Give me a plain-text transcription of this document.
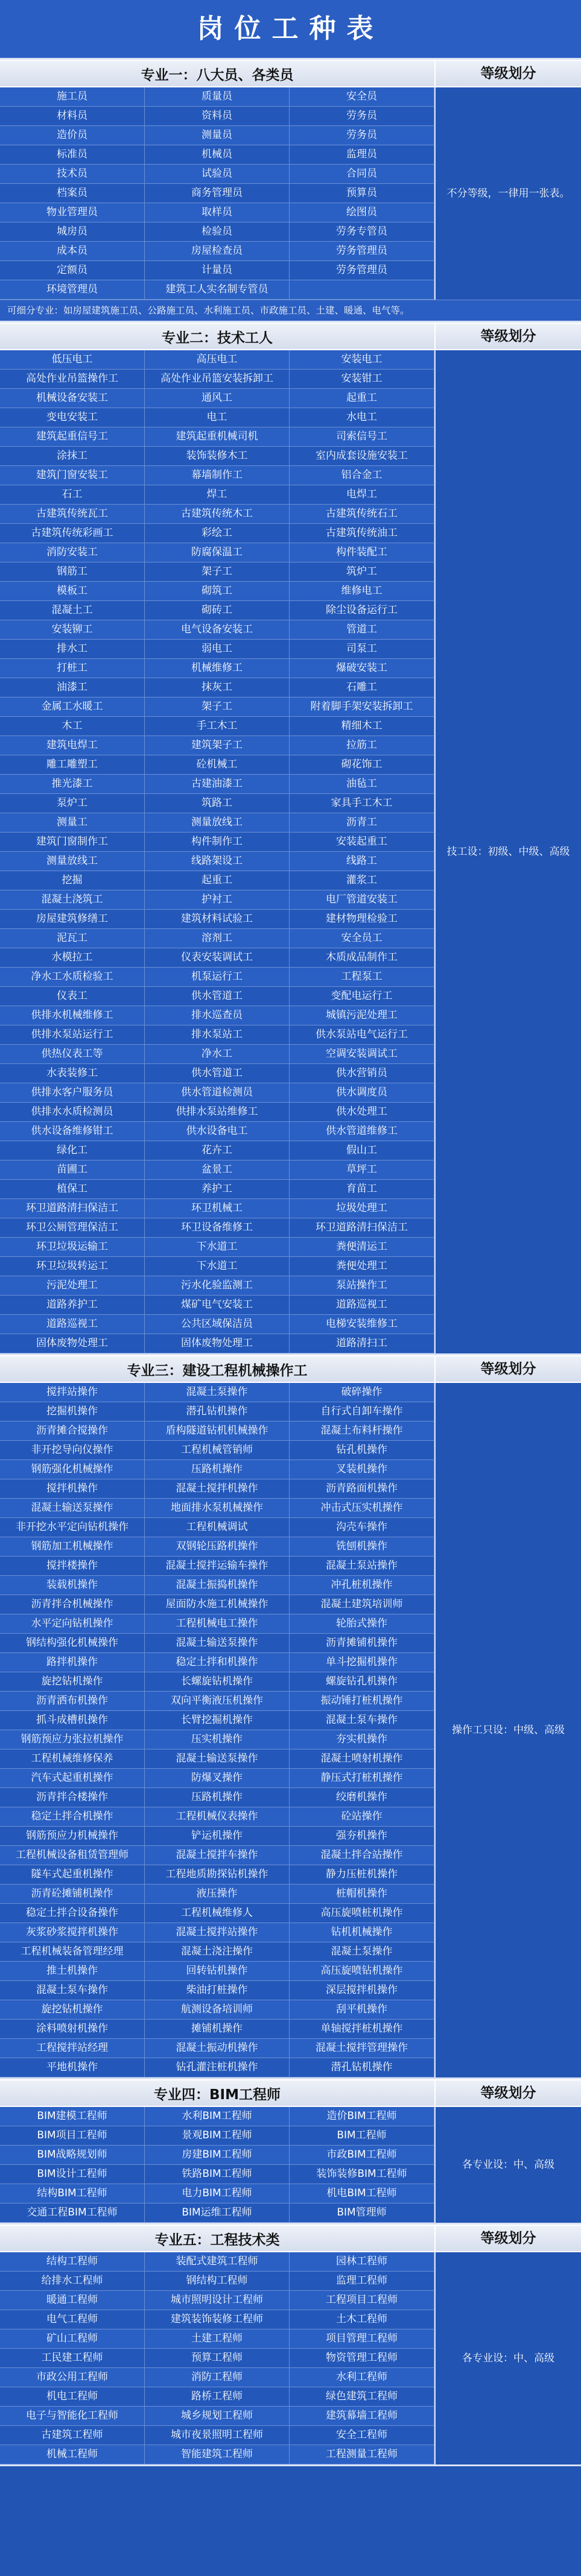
岗位工种表
专业一：八大员、各类员	等级划分
施工员	质量员	安全员
材料员	资料员	劳务员
造价员	测量员	劳务员
标准员	机械员	监理员
技术员	试验员	合同员
档案员	商务管理员	预算员
物业管理员	取样员	绘图员
城房员	检验员	劳务专管员
成本员	房屋检查员	劳务管理员
定额员	计量员	劳务管理员
环境管理员	建筑工人实名制专管员
不分等级，一律用一张表。
可细分专业：如房屋建筑施工员、公路施工员、水利施工员、市政施工员、土建、暖通、电气等。
专业二：技术工人	等级划分
低压电工	高压电工	安装电工
高处作业吊篮操作工	高处作业吊篮安装拆卸工	安装钳工
机械设备安装工	通风工	起重工
变电安装工	电工	水电工
建筑起重信号工	建筑起重机械司机	司索信号工
涂抹工	装饰装修木工	室内成套设施安装工
建筑门窗安装工	幕墙制作工	铝合金工
石工	焊工	电焊工
古建筑传统瓦工	古建筑传统木工	古建筑传统石工
古建筑传统彩画工	彩绘工	古建筑传统油工
消防安装工	防腐保温工	构件装配工
钢筋工	架子工	筑炉工
模板工	砌筑工	维修电工
混凝土工	砌砖工	除尘设备运行工
安装铆工	电气设备安装工	管道工
排水工	弱电工	司泵工
打桩工	机械维修工	爆破安装工
油漆工	抹灰工	石雕工
金属工水暖工	架子工	附着脚手架安装拆卸工
木工	手工木工	精细木工
建筑电焊工	建筑架子工	拉筋工
雕工雕塑工	砼机械工	砌花饰工
推光漆工	古建油漆工	油毡工
泵炉工	筑路工	家具手工木工
测量工	测量放线工	沥青工
建筑门窗制作工	构件制作工	安装起重工
测量放线工	线路架设工	线路工
挖掘	起重工	灌浆工
混凝土浇筑工	护衬工	电厂管道安装工
房屋建筑修缮工	建筑材料试验工	建材物理检验工
泥瓦工	溶剂工	安全员工
水模拉工	仪表安装调试工	木质成品制作工
净水工水质检验工	机泵运行工	工程泵工
仪表工	供水管道工	变配电运行工
供排水机械维修工	排水巡查员	城镇污泥处理工
供排水泵站运行工	排水泵站工	供水泵站电气运行工
供热仪表工等	净水工	空调安装调试工
水表装修工	供水管道工	供水营销员
供排水客户服务员	供水管道检测员	供水调度员
供排水水质检测员	供排水泵站维修工	供水处理工
供水设备维修钳工	供水设备电工	供水管道维修工
绿化工	花卉工	假山工
苗圃工	盆景工	草坪工
植保工	养护工	育苗工
环卫道路清扫保洁工	环卫机械工	垃圾处理工
环卫公厕管理保洁工	环卫设备维修工	环卫道路清扫保洁工
环卫垃圾运输工	下水道工	粪便清运工
环卫垃圾转运工	下水道工	粪便处理工
污泥处理工	污水化验监测工	泵站操作工
道路养护工	煤矿电气安装工	道路巡视工
道路巡视工	公共区域保洁员	电梯安装维修工
固体废物处理工	固体废物处理工	道路清扫工
技工设：初级、中级、高级
专业三：建设工程机械操作工	等级划分
搅拌站操作	混凝土泵操作	破碎操作
挖掘机操作	潜孔钻机操作	自行式自卸车操作
沥青摊合搅操作	盾构隧道钻机机械操作	混凝土布料杆操作
非开挖导向仪操作	工程机械管销师	钻孔机操作
钢筋强化机械操作	压路机操作	叉装机操作
搅拌机操作	混凝土搅拌机操作	沥青路面机操作
混凝土输送泵操作	地面排水泵机械操作	冲击式压实机操作
非开挖水平定向钻机操作	工程机械调试	沟壳车操作
钢筋加工机械操作	双钢轮压路机操作	铣刨机操作
搅拌楼操作	混凝土搅拌运输车操作	混凝土泵站操作
装载机操作	混凝土振捣机操作	冲孔桩机操作
沥青拌合机械操作	屋面防水施工机械操作	混凝土建筑培训师
水平定向钻机操作	工程机械电工操作	轮胎式操作
钢结构强化机械操作	混凝土输送泵操作	沥青摊铺机操作
路拌机操作	稳定土拌和机操作	单斗挖掘机操作
旋挖钻机操作	长螺旋钻机操作	螺旋钻孔机操作
沥青洒布机操作	双向平衡液压机操作	振动锤打桩机操作
抓斗成槽机操作	长臂挖掘机操作	混凝土泵车操作
钢筋预应力张拉机操作	压实机操作	夯实机操作
工程机械维修保养	混凝土输送泵操作	混凝土喷射机操作
汽车式起重机操作	防爆叉操作	静压式打桩机操作
沥青拌合楼操作	压路机操作	绞磨机操作
稳定土拌合机操作	工程机械仪表操作	砼站操作
钢筋预应力机械操作	铲运机操作	强夯机操作
工程机械设备租赁管理师	混凝土搅拌车操作	混凝土拌合站操作
隧车式起重机操作	工程地质勘探钻机操作	静力压桩机操作
沥青砼摊铺机操作	液压操作	桩帽机操作
稳定土拌合设备操作	工程机械维修人	高压旋喷桩机操作
灰浆砂浆搅拌机操作	混凝土搅拌站操作	钻机机械操作
工程机械装备管理经理	混凝土浇注操作	混凝土泵操作
推土机操作	回转钻机操作	高压旋喷钻机操作
混凝土泵车操作	柴油打桩操作	深层搅拌机操作
旋挖钻机操作	航测设备培训师	刮平机操作
涂料喷射机操作	摊铺机操作	单轴搅拌桩机操作
工程搅拌站经理	混凝土振动机操作	混凝土搅拌管理操作
平地机操作	钻孔灌注桩机操作	潜孔钻机操作
操作工只设：中级、高级
专业四：BIM工程师	等级划分
BIM建模工程师	水利BIM工程师	造价BIM工程师
BIM项目工程师	景观BIM工程师	BIM工程师
BIM战略规划师	房建BIM工程师	市政BIM工程师
BIM设计工程师	铁路BIM工程师	装饰装修BIM工程师
结构BIM工程师	电力BIM工程师	机电BIM工程师
交通工程BIM工程师	BIM运维工程师	BIM管理师
各专业设：中、高级
专业五：工程技术类	等级划分
结构工程师	装配式建筑工程师	园林工程师
给排水工程师	钢结构工程师	监理工程师
暖通工程师	城市照明设计工程师	工程项目工程师
电气工程师	建筑装饰装修工程师	土木工程师
矿山工程师	土建工程师	项目管理工程师
工民建工程师	预算工程师	物资管理工程师
市政公用工程师	消防工程师	水利工程师
机电工程师	路桥工程师	绿色建筑工程师
电子与智能化工程师	城乡规划工程师	建筑幕墙工程师
古建筑工程师	城市夜景照明工程师	安全工程师
机械工程师	智能建筑工程师	工程测量工程师
各专业设：中、高级
